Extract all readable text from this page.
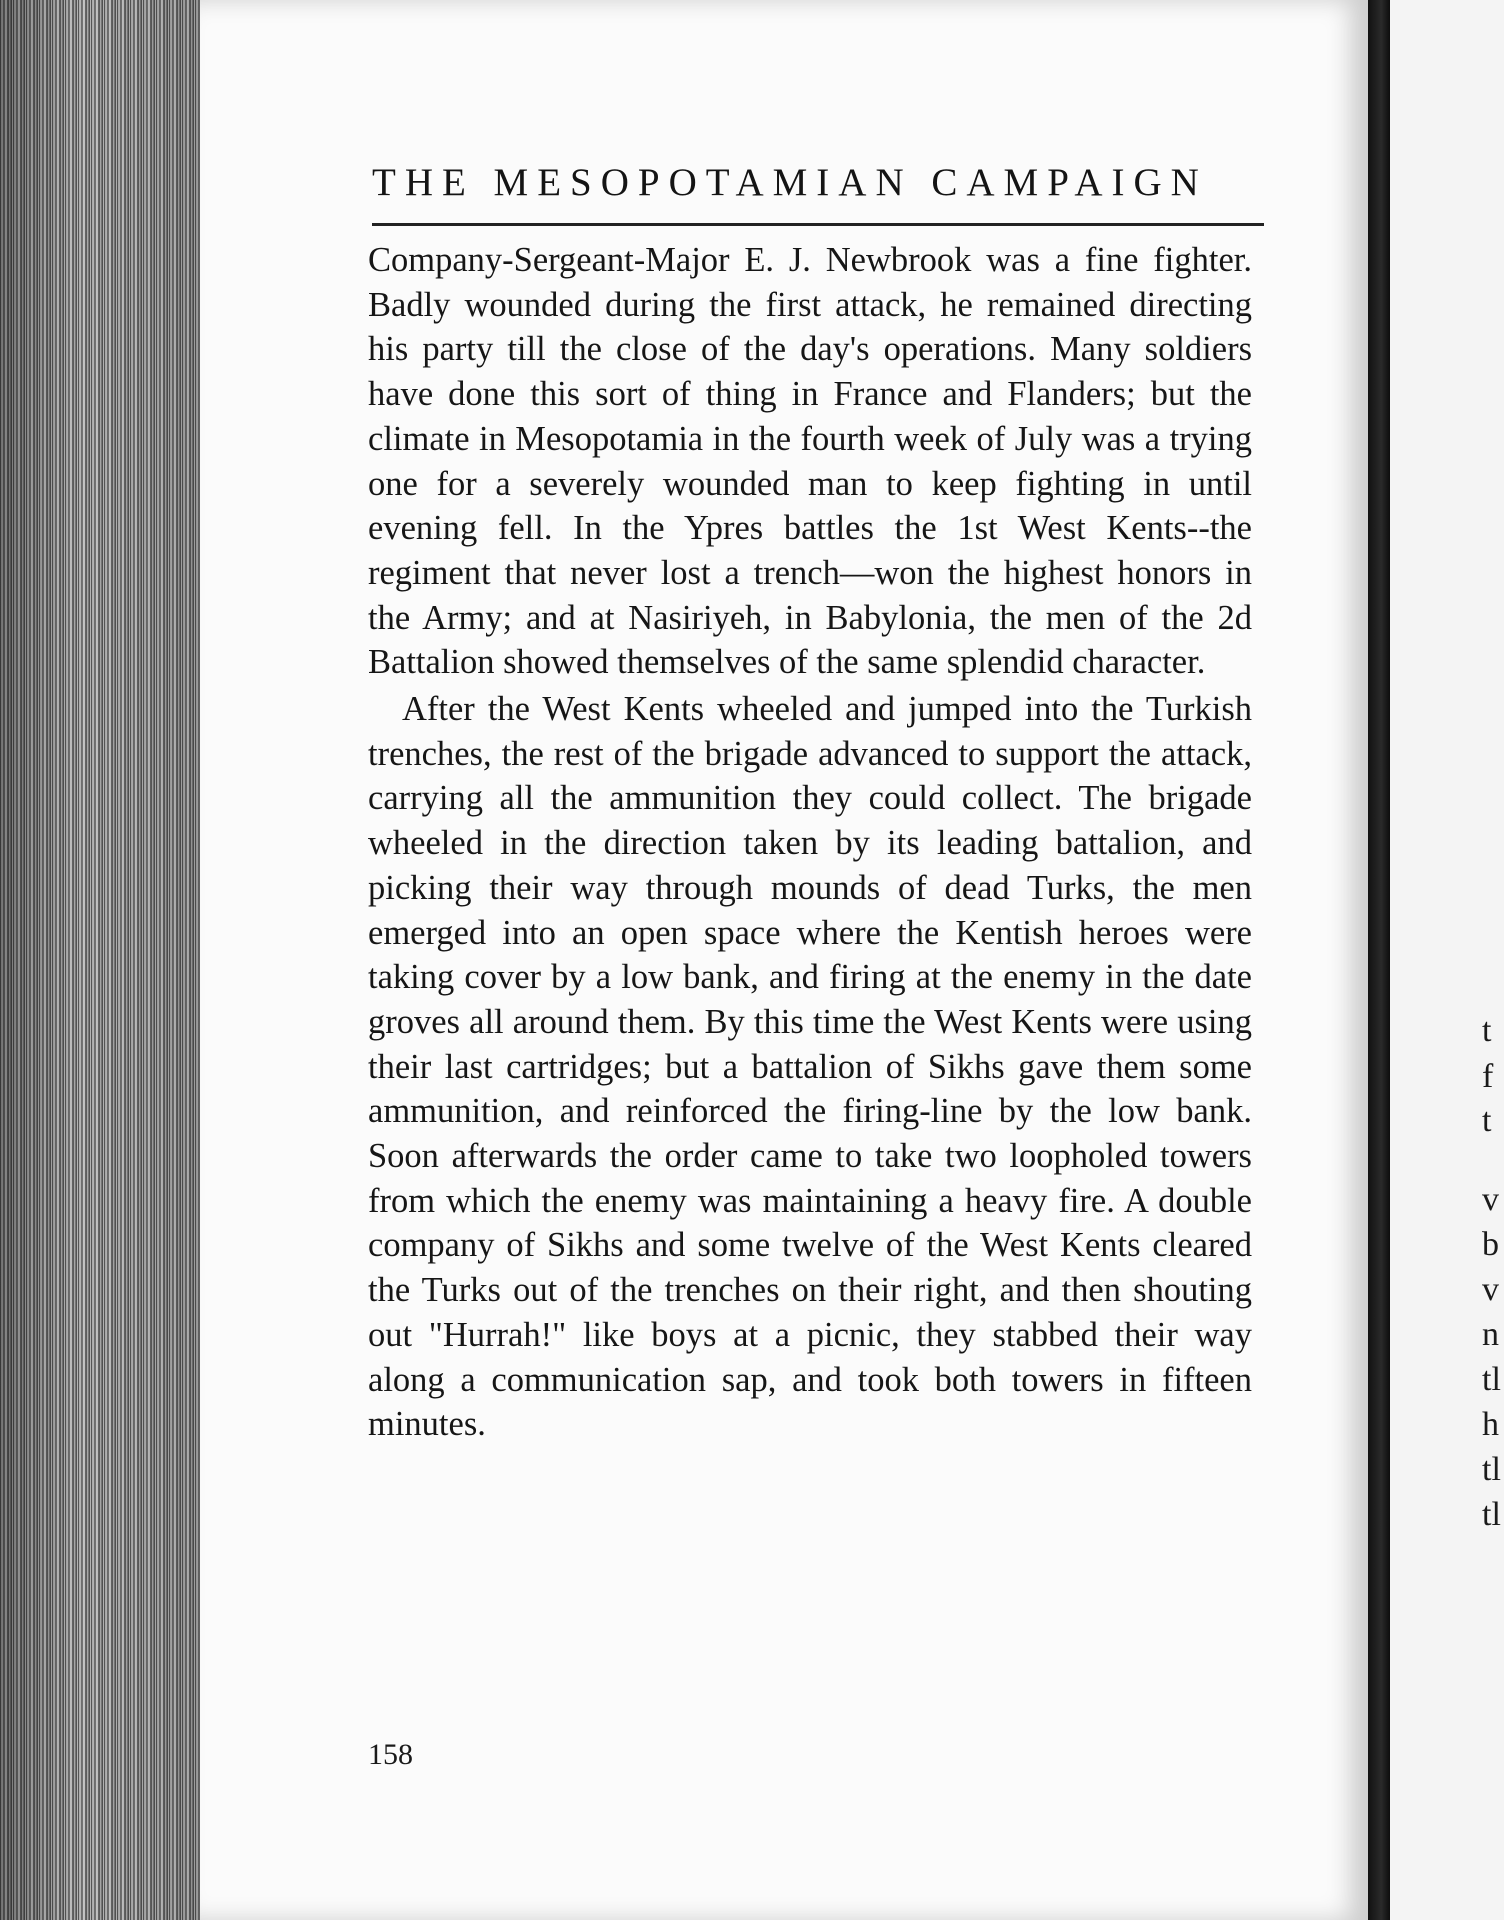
THE MESOPOTAMIAN CAMPAIGN

Company-Sergeant-Major E. J. Newbrook was a fine fighter. Badly wounded during the first attack, he remained directing his party till the close of the day's operations. Many soldiers have done this sort of thing in France and Flanders; but the climate in Mesopotamia in the fourth week of July was a trying one for a severely wounded man to keep fighting in until evening fell. In the Ypres battles the 1st West Kents--the regiment that never lost a trench—won the highest honors in the Army; and at Nasiriyeh, in Babylonia, the men of the 2d Battalion showed themselves of the same splendid character.

After the West Kents wheeled and jumped into the Turkish trenches, the rest of the brigade advanced to support the attack, carrying all the ammunition they could collect. The brigade wheeled in the direction taken by its leading battalion, and picking their way through mounds of dead Turks, the men emerged into an open space where the Kentish heroes were taking cover by a low bank, and firing at the enemy in the date groves all around them. By this time the West Kents were using their last cartridges; but a battalion of Sikhs gave them some ammunition, and reinforced the firing-line by the low bank. Soon afterwards the order came to take two loopholed towers from which the enemy was maintaining a heavy fire. A double company of Sikhs and some twelve of the West Kents cleared the Turks out of the trenches on their right, and then shouting out "Hurrah!" like boys at a picnic, they stabbed their way along a communication sap, and took both towers in fifteen minutes.

158
t
f
t
v
b
v
n
tl
h
tl
tl
